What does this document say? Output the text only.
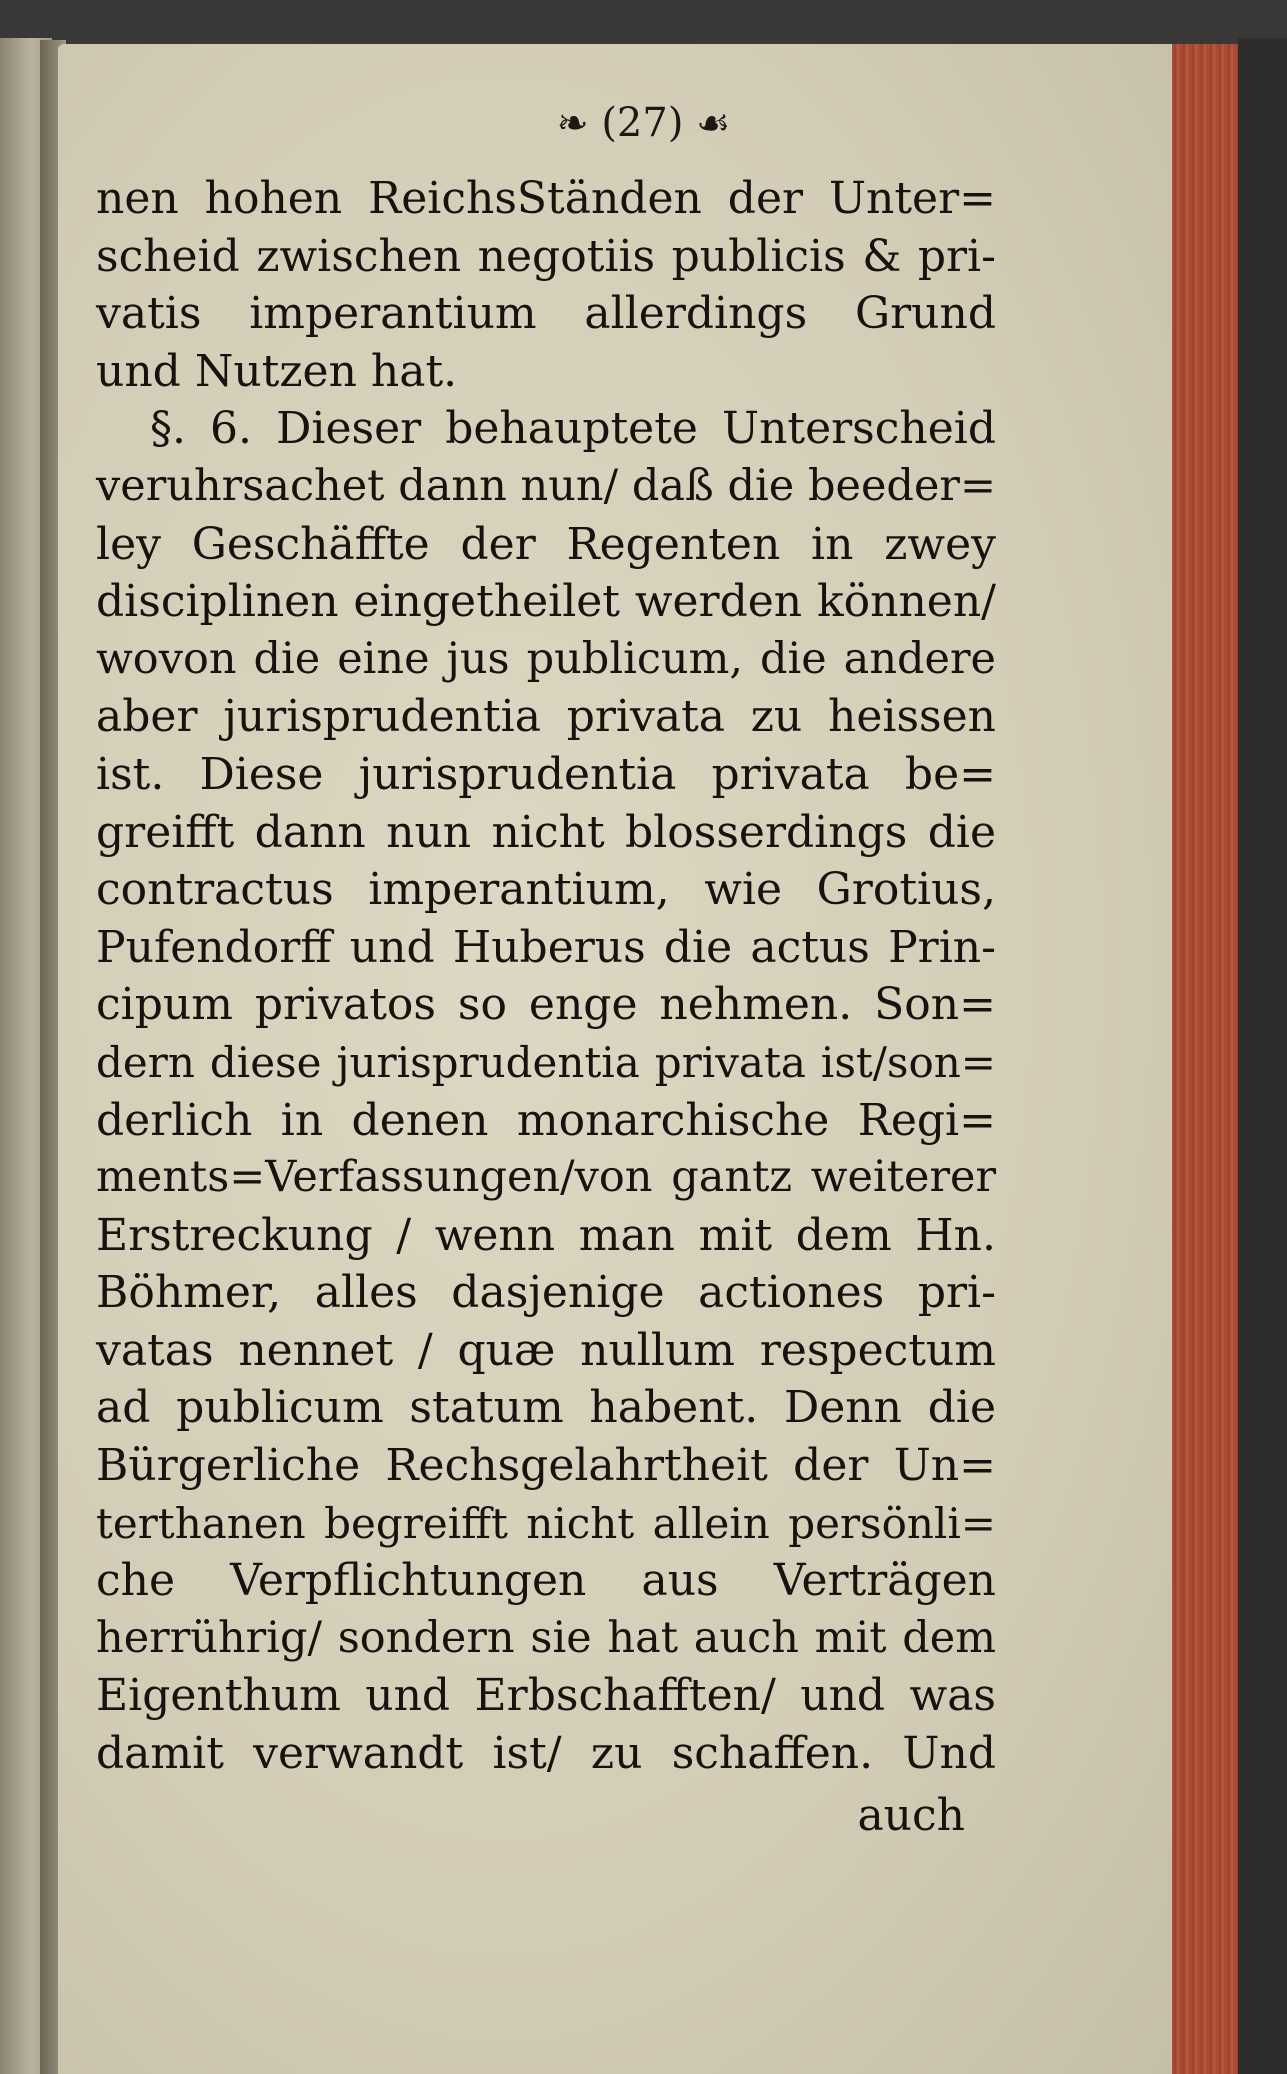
❧ (27) ☙
nen hohen ReichsStänden der Unter=
scheid zwischen negotiis publicis & pri-
vatis imperantium allerdings Grund
und Nutzen hat.
§. 6. Dieser behauptete Unterscheid
veruhrsachet dann nun/ daß die beeder=
ley Geschäffte der Regenten in zwey
disciplinen eingetheilet werden können/
wovon die eine jus publicum, die andere
aber jurisprudentia privata zu heissen
ist. Diese jurisprudentia privata be=
greifft dann nun nicht blosserdings die
contractus imperantium, wie Grotius,
Pufendorff und Huberus die actus Prin-
cipum privatos so enge nehmen. Son=
dern diese jurisprudentia privata ist/son=
derlich in denen monarchische Regi=
ments=Verfassungen/von gantz weiterer
Erstreckung / wenn man mit dem Hn.
Böhmer, alles dasjenige actiones pri-
vatas nennet / quæ nullum respectum
ad publicum statum habent. Denn die
Bürgerliche Rechsgelahrtheit der Un=
terthanen begreifft nicht allein persönli=
che Verpflichtungen aus Verträgen
herrührig/ sondern sie hat auch mit dem
Eigenthum und Erbschafften/ und was
damit verwandt ist/ zu schaffen. Und
auch
